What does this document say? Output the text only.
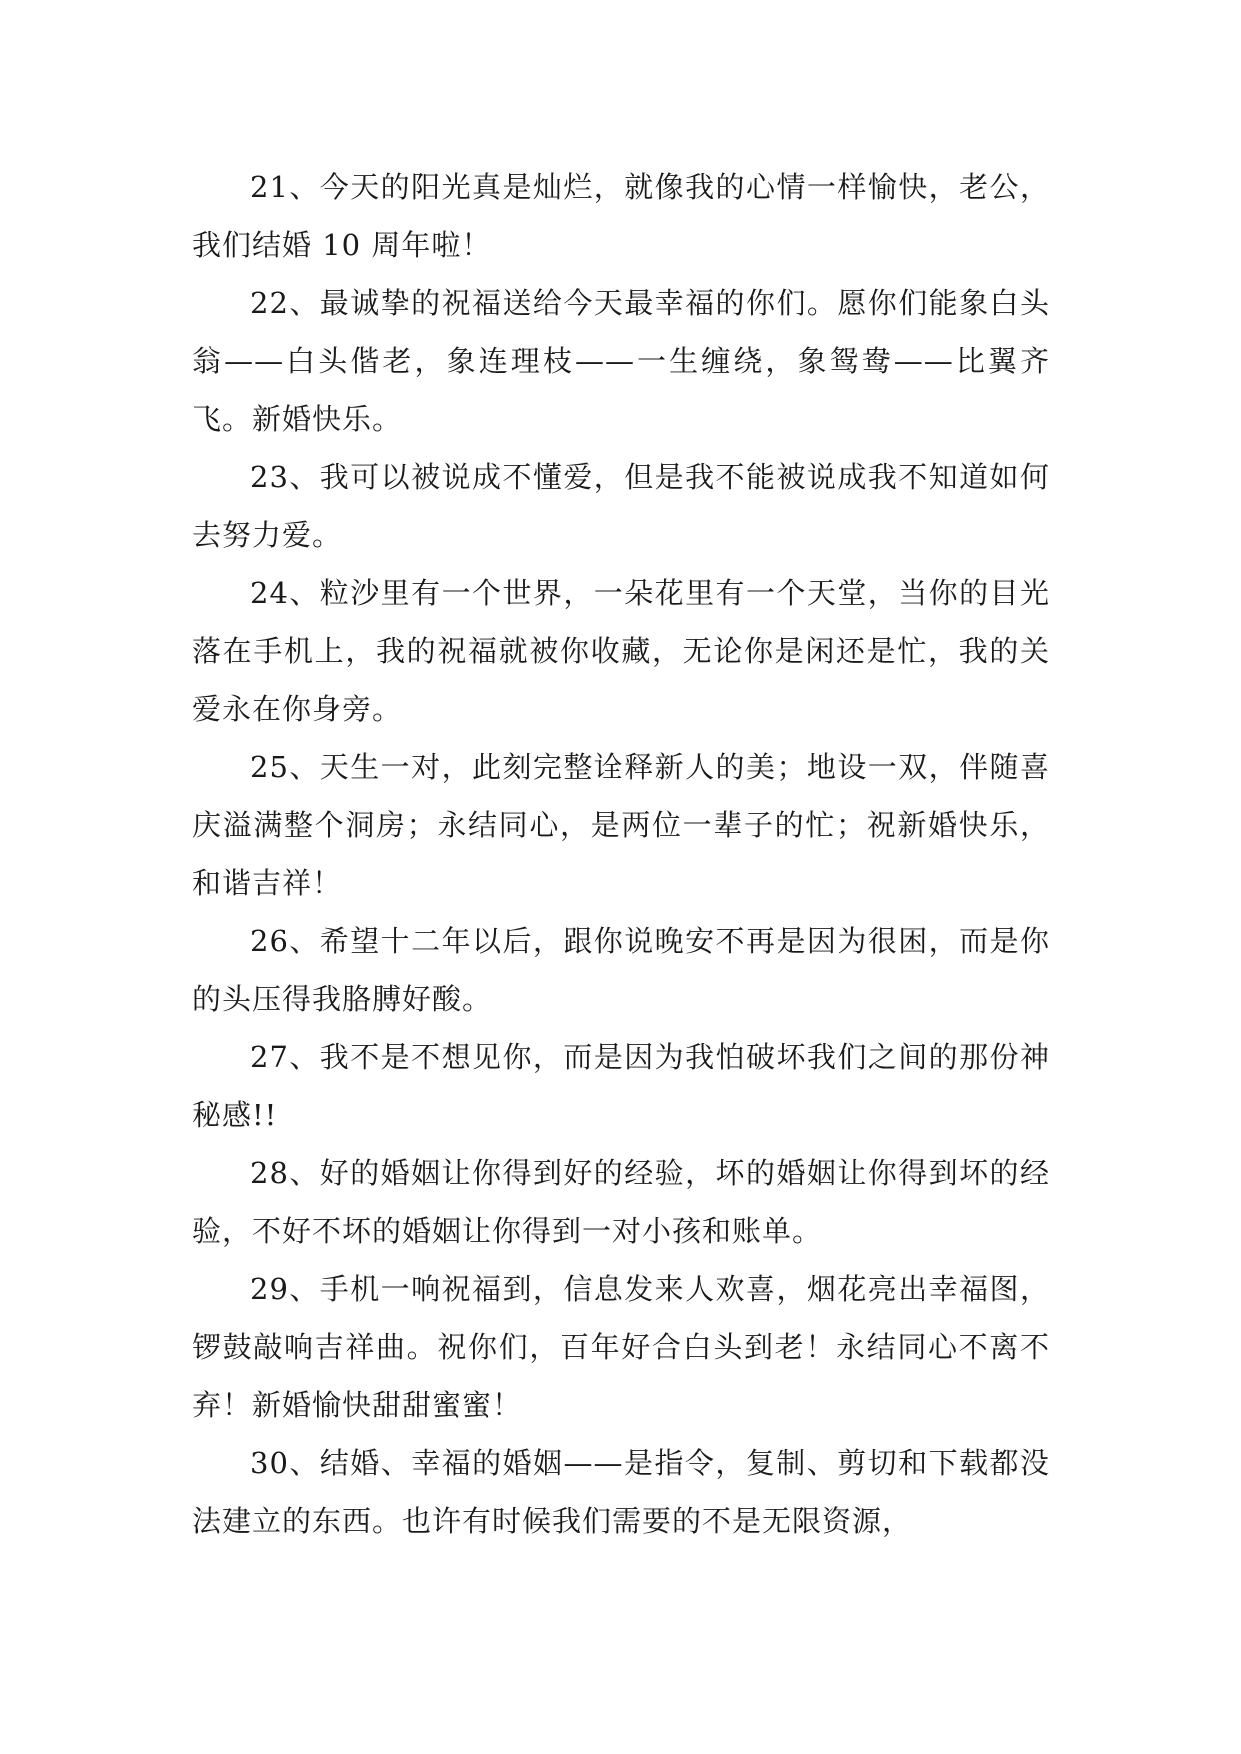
21、今天的阳光真是灿烂，就像我的心情一样愉快，老公，我们结婚 10 周年啦！

22、最诚挚的祝福送给今天最幸福的你们。愿你们能象白头翁——白头偕老，象连理枝——一生缠绕，象鸳鸯——比翼齐飞。新婚快乐。

23、我可以被说成不懂爱，但是我不能被说成我不知道如何去努力爱。

24、粒沙里有一个世界，一朵花里有一个天堂，当你的目光落在手机上，我的祝福就被你收藏，无论你是闲还是忙，我的关爱永在你身旁。

25、天生一对，此刻完整诠释新人的美；地设一双，伴随喜庆溢满整个洞房；永结同心，是两位一辈子的忙；祝新婚快乐，和谐吉祥！

26、希望十二年以后，跟你说晚安不再是因为很困，而是你的头压得我胳膊好酸。

27、我不是不想见你，而是因为我怕破坏我们之间的那份神秘感!!

28、好的婚姻让你得到好的经验，坏的婚姻让你得到坏的经验，不好不坏的婚姻让你得到一对小孩和账单。

29、手机一响祝福到，信息发来人欢喜，烟花亮出幸福图，锣鼓敲响吉祥曲。祝你们，百年好合白头到老！永结同心不离不弃！新婚愉快甜甜蜜蜜！

30、结婚、幸福的婚姻——是指令，复制、剪切和下载都没法建立的东西。也许有时候我们需要的不是无限资源，
